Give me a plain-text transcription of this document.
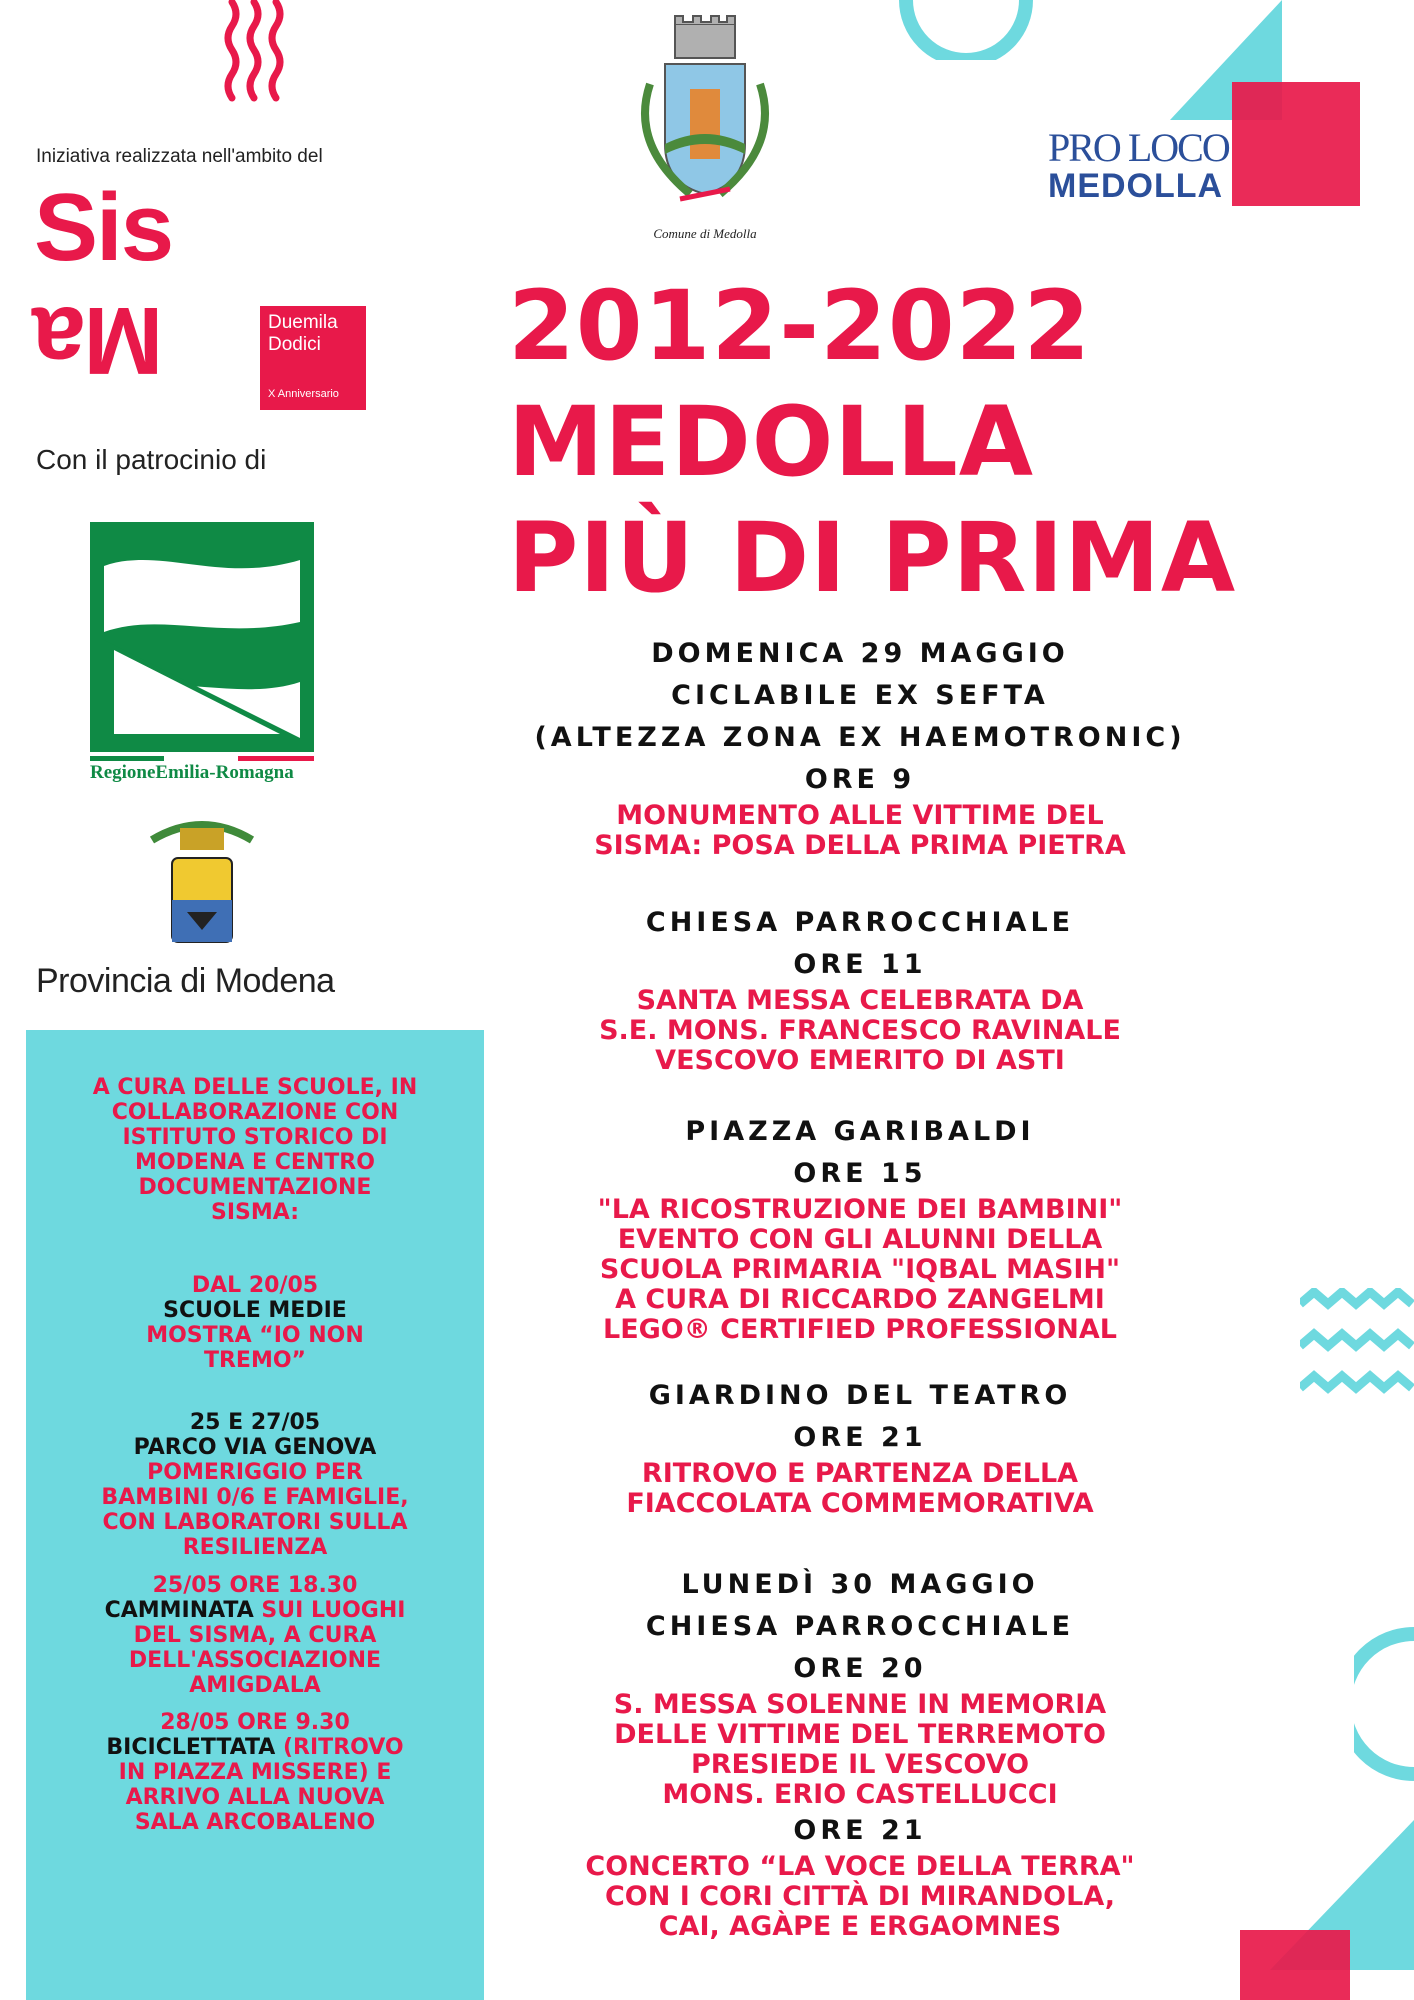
Iniziativa realizzata nell'ambito del
Sis
Ma	Duemila
Dodici
X Anniversario
Con il patrocinio di
RegioneEmilia-Romagna
Provincia di Modena
Comune di Medolla
PRO LOCO
MEDOLLA
2012-2022
MEDOLLA
PIÙ DI PRIMA
DOMENICA 29 MAGGIO
CICLABILE EX SEFTA
(ALTEZZA ZONA EX HAEMOTRONIC)
ORE 9
MONUMENTO ALLE VITTIME DEL
SISMA: POSA DELLA PRIMA PIETRA
CHIESA PARROCCHIALE
ORE 11
SANTA MESSA CELEBRATA DA
S.E. MONS. FRANCESCO RAVINALE
VESCOVO EMERITO DI ASTI
PIAZZA GARIBALDI
ORE 15
"LA RICOSTRUZIONE DEI BAMBINI"
EVENTO CON GLI ALUNNI DELLA
SCUOLA PRIMARIA "IQBAL MASIH"
A CURA DI RICCARDO ZANGELMI
LEGO® CERTIFIED PROFESSIONAL
GIARDINO DEL TEATRO
ORE 21
RITROVO E PARTENZA DELLA
FIACCOLATA COMMEMORATIVA
LUNEDÌ 30 MAGGIO
CHIESA PARROCCHIALE
ORE 20
S. MESSA SOLENNE IN MEMORIA
DELLE VITTIME DEL TERREMOTO
PRESIEDE IL VESCOVO
MONS. ERIO CASTELLUCCI
ORE 21
CONCERTO “LA VOCE DELLA TERRA"
CON I CORI CITTÀ DI MIRANDOLA,
CAI, AGÀPE E ERGAOMNES
A CURA DELLE SCUOLE, IN
COLLABORAZIONE CON
ISTITUTO STORICO DI
MODENA E CENTRO
DOCUMENTAZIONE
SISMA:
DAL 20/05
SCUOLE MEDIE
MOSTRA “IO NON
TREMO”
25 E 27/05
PARCO VIA GENOVA
POMERIGGIO PER
BAMBINI 0/6 E FAMIGLIE,
CON LABORATORI SULLA
RESILIENZA
25/05 ORE 18.30
CAMMINATA SUI LUOGHI
DEL SISMA, A CURA
DELL'ASSOCIAZIONE
AMIGDALA
28/05 ORE 9.30
BICICLETTATA (RITROVO
IN PIAZZA MISSERE) E
ARRIVO ALLA NUOVA
SALA ARCOBALENO
